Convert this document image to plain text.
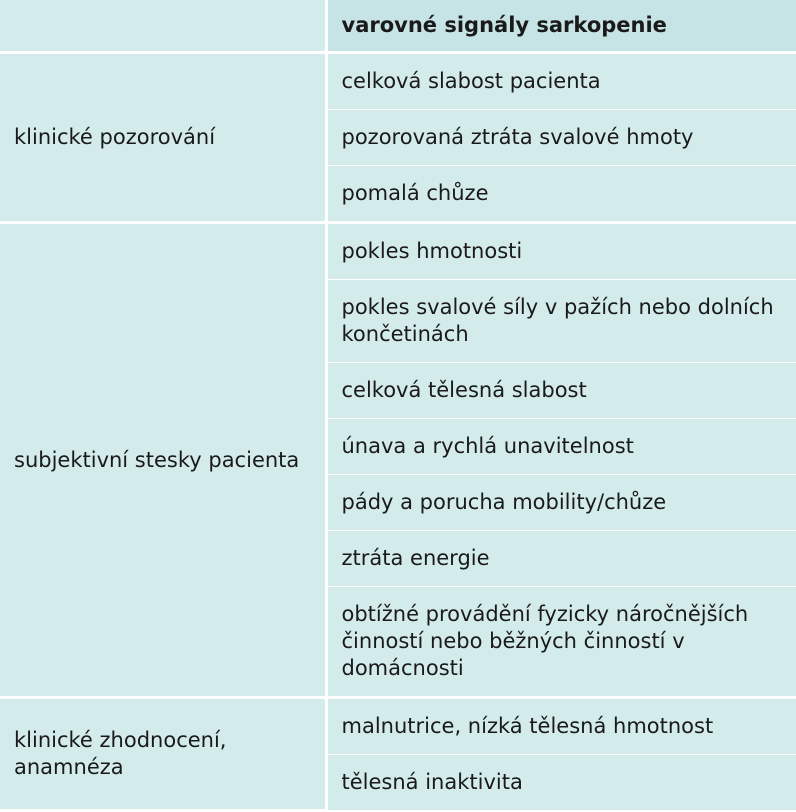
	varovné signály sarkopenie
klinické pozorování	celková slabost pacienta
	pozorovaná ztráta svalové hmoty
	pomalá chůze
subjektivní stesky pacienta	pokles hmotnosti
	pokles svalové síly v pažích nebo dolních končetinách
	celková tělesná slabost
	únava a rychlá unavitelnost
	pády a porucha mobility/chůze
	ztráta energie
	obtížné provádění fyzicky náročnějších činností nebo běžných činností v domácnosti
klinické zhodnocení, anamnéza	malnutrice, nízká tělesná hmotnost
	tělesná inaktivita
